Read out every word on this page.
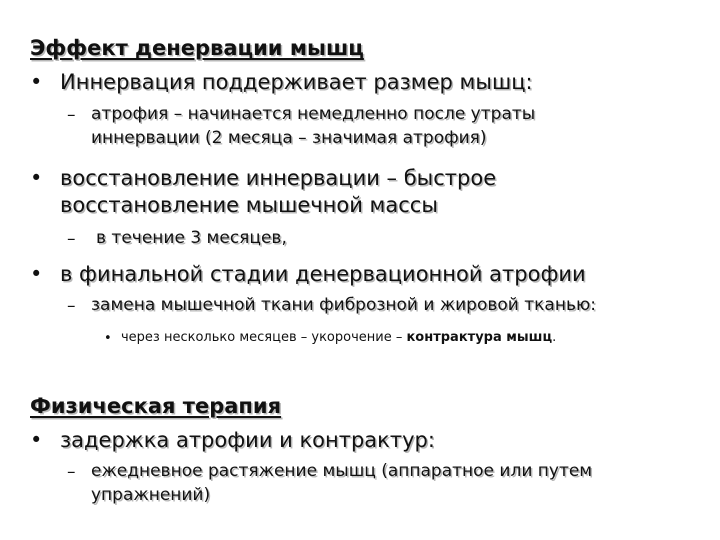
Эффект денервации мышц
• Иннервация поддерживает размер мышц:
– атрофия – начинается немедленно после утраты
иннервации (2 месяца – значимая атрофия)
• восстановление иннервации – быстрое
восстановление мышечной массы
– в течение 3 месяцев,
• в финальной стадии денервационной атрофии
– замена мышечной ткани фиброзной и жировой тканью:
• через несколько месяцев – укорочение – контрактура мышц.
Физическая терапия
• задержка атрофии и контрактур:
– ежедневное растяжение мышц (аппаратное или путем
упражнений)
